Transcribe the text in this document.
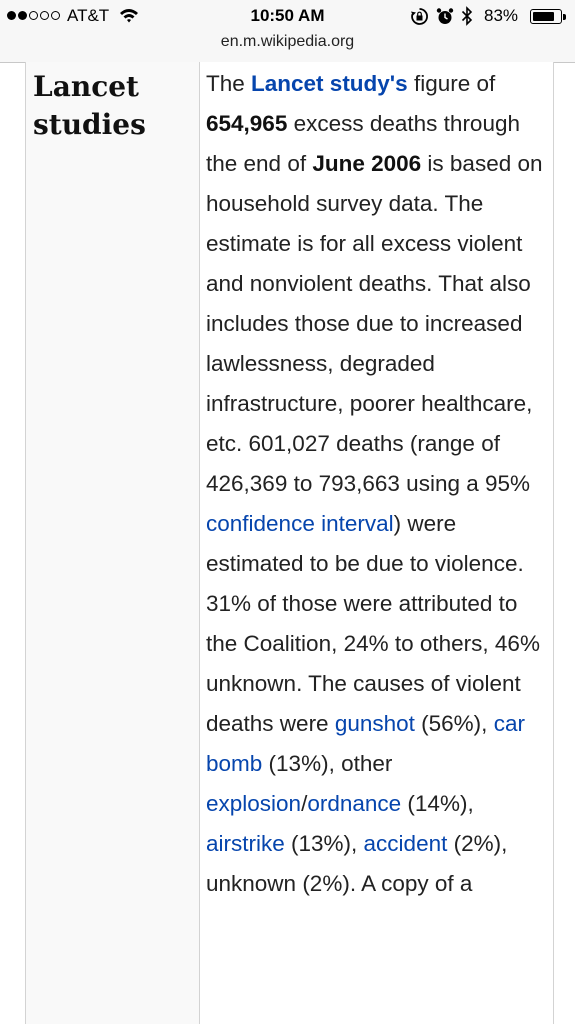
AT&T	10:50 AM	83%
en.m.wikipedia.org
Lancet studies
The Lancet study's figure of 654,965 excess deaths through the end of June 2006 is based on household survey data. The estimate is for all excess violent and nonviolent deaths. That also includes those due to increased lawlessness, degraded infrastructure, poorer healthcare, etc. 601,027 deaths (range of 426,369 to 793,663 using a 95% confidence interval) were estimated to be due to violence. 31% of those were attributed to the Coalition, 24% to others, 46% unknown. The causes of violent deaths were gunshot (56%), car bomb (13%), other explosion/ordnance (14%), airstrike (13%), accident (2%), unknown (2%). A copy of a
